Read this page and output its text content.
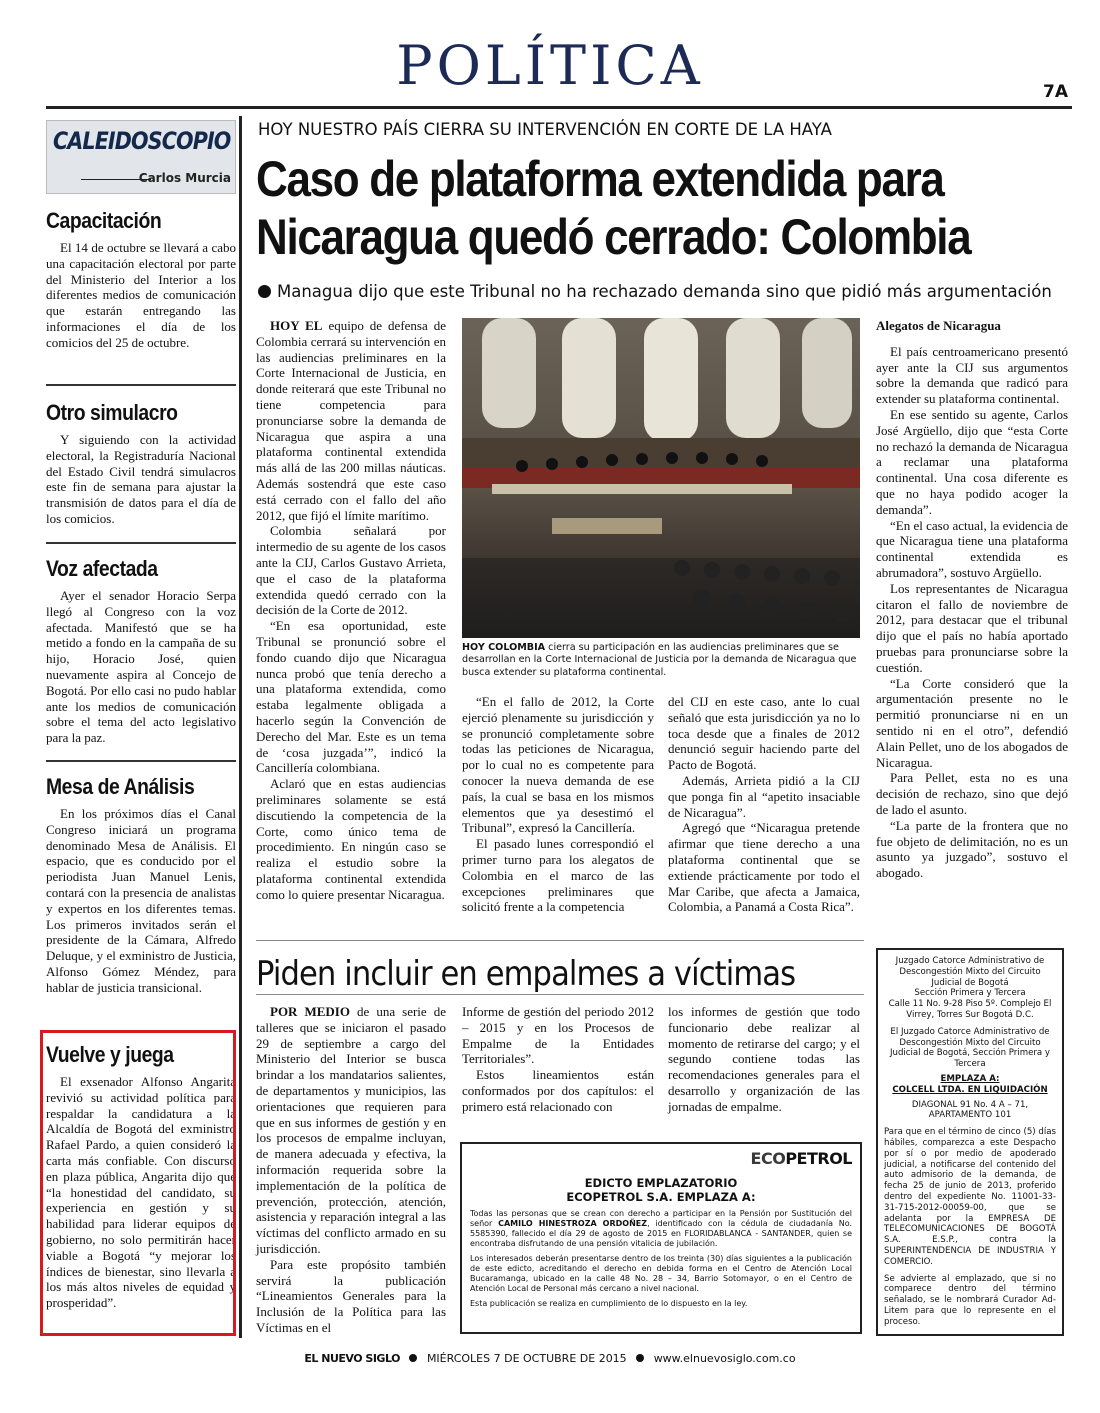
POLÍTICA	7A
CALEIDOSCOPIO
Carlos Murcia
Capacitación
El 14 de octubre se llevará a cabo una capacitación electoral por parte del Ministerio del Interior a los diferentes medios de comunicación que estarán entregando las informaciones el día de los comicios del 25 de octubre.
Otro simulacro
Y siguiendo con la actividad electoral, la Registraduría Nacional del Estado Civil tendrá simulacros este fin de semana para ajustar la transmisión de datos para el día de los comicios.
Voz afectada
Ayer el senador Horacio Serpa llegó al Congreso con la voz afectada. Manifestó que se ha metido a fondo en la campaña de su hijo, Horacio José, quien nuevamente aspira al Concejo de Bogotá. Por ello casi no pudo hablar ante los medios de comunicación sobre el tema del acto legislativo para la paz.
Mesa de Análisis
En los próximos días el Canal Congreso iniciará un programa denominado Mesa de Análisis. El espacio, que es conducido por el periodista Juan Manuel Lenis, contará con la presencia de analistas y expertos en los diferentes temas. Los primeros invitados serán el presidente de la Cámara, Alfredo Deluque, y el exministro de Justicia, Alfonso Gómez Méndez, para hablar de justicia transicional.
Vuelve y juega
El exsenador Alfonso Angarita revivió su actividad política para respaldar la candidatura a la Alcaldía de Bogotá del exministro Rafael Pardo, a quien consideró la carta más confiable. Con discurso en plaza pública, Angarita dijo que “la honestidad del candidato, su experiencia en gestión y su habilidad para liderar equipos de gobierno, no solo permitirán hacer viable a Bogotá “y mejorar los índices de bienestar, sino llevarla a los más altos niveles de equidad y prosperidad”.
HOY NUESTRO PAÍS CIERRA SU INTERVENCIÓN EN CORTE DE LA HAYA
Caso de plataforma extendida para
Nicaragua quedó cerrado: Colombia
Managua dijo que este Tribunal no ha rechazado demanda sino que pidió más argumentación

HOY EL equipo de defensa de Colombia cerrará su intervención en las audiencias preliminares en la Corte Internacional de Justicia, en donde reiterará que este Tribunal no tiene competencia para pronunciarse sobre la demanda de Nicaragua que aspira a una plataforma continental extendida más allá de las 200 millas náuticas. Además sostendrá que este caso está cerrado con el fallo del año 2012, que fijó el límite marítimo.

Colombia señalará por intermedio de su agente de los casos ante la CIJ, Carlos Gustavo Arrieta, que el caso de la plataforma extendida quedó cerrado con la decisión de la Corte de 2012.

“En esa oportunidad, este Tribunal se pronunció sobre el fondo cuando dijo que Nicaragua nunca probó que tenía derecho a una plataforma extendida, como estaba legalmente obligada a hacerlo según la Convención de Derecho del Mar. Este es un tema de ‘cosa juzgada’”, indicó la Cancillería colombiana.

Aclaró que en estas audiencias preliminares solamente se está discutiendo la competencia de la Corte, como único tema de procedimiento. En ningún caso se realiza el estudio sobre la plataforma continental extendida como lo quiere presentar Nicaragua.

HOY COLOMBIA cierra su participación en las audiencias preliminares que se desarrollan en la Corte Internacional de Justicia por la demanda de Nicaragua que busca extender su plataforma continental.

“En el fallo de 2012, la Corte ejerció plenamente su jurisdicción y se pronunció completamente sobre todas las peticiones de Nicaragua, por lo cual no es competente para conocer la nueva demanda de ese país, la cual se basa en los mismos elementos que ya desestimó el Tribunal”, expresó la Cancillería.

El pasado lunes correspondió el primer turno para los alegatos de Colombia en el marco de las excepciones preliminares que solicitó frente a la competencia

del CIJ en este caso, ante lo cual señaló que esta jurisdicción ya no lo toca desde que a finales de 2012 denunció seguir haciendo parte del Pacto de Bogotá.

Además, Arrieta pidió a la CIJ que ponga fin al “apetito insaciable de Nicaragua”.

Agregó que “Nicaragua pretende afirmar que tiene derecho a una plataforma continental que se extiende prácticamente por todo el Mar Caribe, que afecta a Jamaica, Colombia, a Panamá a Costa Rica”.

Alegatos de Nicaragua

El país centroamericano presentó ayer ante la CIJ sus argumentos sobre la demanda que radicó para extender su plataforma continental.

En ese sentido su agente, Carlos José Argüello, dijo que “esta Corte no rechazó la demanda de Nicaragua a reclamar una plataforma continental. Una cosa diferente es que no haya podido acoger la demanda”.

“En el caso actual, la evidencia de que Nicaragua tiene una plataforma continental extendida es abrumadora”, sostuvo Argüello.

Los representantes de Nicaragua citaron el fallo de noviembre de 2012, para destacar que el tribunal dijo que el país no había aportado pruebas para pronunciarse sobre la cuestión.

“La Corte consideró que la argumentación presente no le permitió pronunciarse ni en un sentido ni en el otro”, defendió Alain Pellet, uno de los abogados de Nicaragua.

Para Pellet, esta no es una decisión de rechazo, sino que dejó de lado el asunto.

“La parte de la frontera que no fue objeto de delimitación, no es un asunto ya juzgado”, sostuvo el abogado.

Piden incluir en empalmes a víctimas

POR MEDIO de una serie de talleres que se iniciaron el pasado 29 de septiembre a cargo del Ministerio del Interior se busca brindar a los mandatarios salientes, de departamentos y municipios, las orientaciones que requieren para que en sus informes de gestión y en los procesos de empalme incluyan, de manera adecuada y efectiva, la información requerida sobre la implementación de la política de prevención, protección, atención, asistencia y reparación integral a las víctimas del conflicto armado en su jurisdicción.

Para este propósito también servirá la publicación “Lineamientos Generales para la Inclusión de la Política para las Víctimas en el

Informe de gestión del periodo 2012 – 2015 y en los Procesos de Empalme de la Entidades Territoriales”.

Estos lineamientos están conformados por dos capítulos: el primero está relacionado con

los informes de gestión que todo funcionario debe realizar al momento de retirarse del cargo; y el segundo contiene todas las recomendaciones generales para el desarrollo y organización de las jornadas de empalme.

ECOPETROL
EDICTO EMPLAZATORIO
ECOPETROL S.A. EMPLAZA A:

Todas las personas que se crean con derecho a participar en la Pensión por Sustitución del señor CAMILO HINESTROZA ORDOÑEZ, identificado con la cédula de ciudadanía No. 5585390, fallecido el día 29 de agosto de 2015 en FLORIDABLANCA - SANTANDER, quien se encontraba disfrutando de una pensión vitalicia de jubilación.

Los interesados deberán presentarse dentro de los treinta (30) días siguientes a la publicación de este edicto, acreditando el derecho en debida forma en el Centro de Atención Local Bucaramanga, ubicado en la calle 48 No. 28 – 34, Barrio Sotomayor, o en el Centro de Atención Local de Personal más cercano a nivel nacional.

Esta publicación se realiza en cumplimiento de lo dispuesto en la ley.

Juzgado Catorce Administrativo de Descongestión Mixto del Circuito Judicial de Bogotá
Sección Primera y Tercera
Calle 11 No. 9-28 Piso 5º. Complejo El Virrey, Torres Sur Bogotá D.C.
El Juzgado Catorce Administrativo de Descongestión Mixto del Circuito Judicial de Bogotá, Sección Primera y Tercera
EMPLAZA A:
COLCELL LTDA. EN LIQUIDACIÓN
DIAGONAL 91 No. 4 A – 71, APARTAMENTO 101
Para que en el término de cinco (5) días hábiles, comparezca a este Despacho por sí o por medio de apoderado judicial, a notificarse del contenido del auto admisorio de la demanda, de fecha 25 de junio de 2013, proferido dentro del expediente No. 11001-33-31-715-2012-00059-00, que se adelanta por la EMPRESA DE TELECOMUNICACIONES DE BOGOTÁ S.A. E.S.P., contra la SUPERINTENDENCIA DE INDUSTRIA Y COMERCIO.
Se advierte al emplazado, que si no comparece dentro del término señalado, se le nombrará Curador Ad-Litem para que lo represente en el proceso.
EL NUEVO SIGLO MIÉRCOLES 7 DE OCTUBRE DE 2015 www.elnuevosiglo.com.co
